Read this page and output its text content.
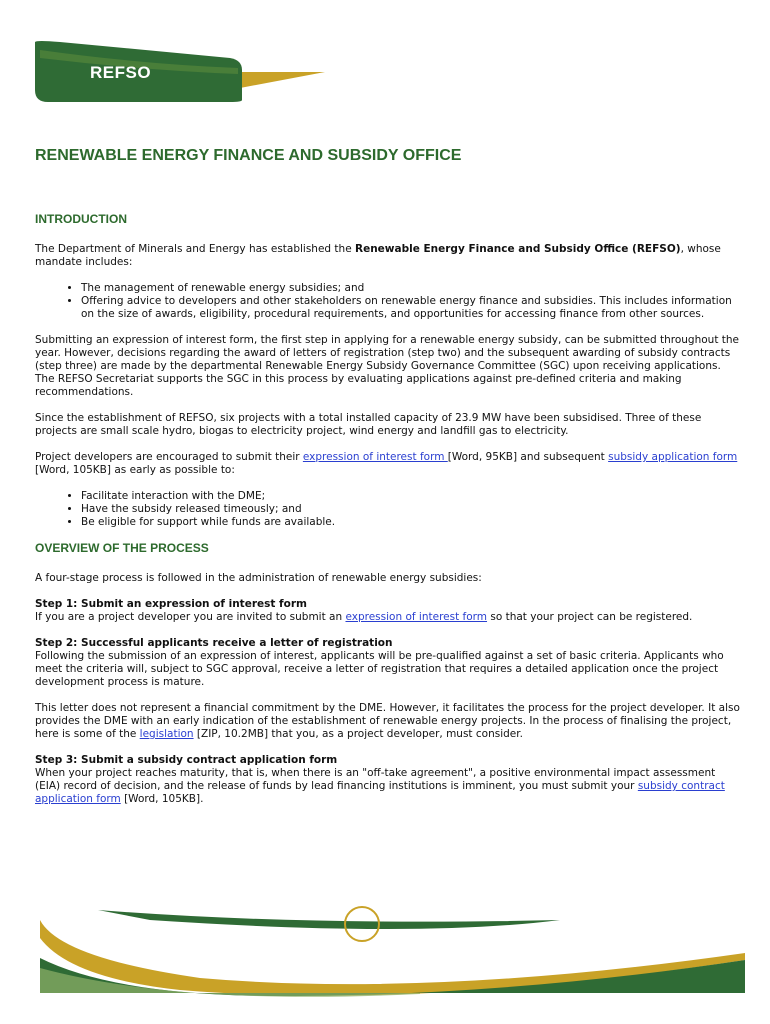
REFSO
RENEWABLE ENERGY FINANCE AND SUBSIDY OFFICE
INTRODUCTION

The Department of Minerals and Energy has established the Renewable Energy Finance and Subsidy Office (REFSO), whose mandate includes:

• The management of renewable energy subsidies; and
• Offering advice to developers and other stakeholders on renewable energy finance and subsidies. This includes information on the size of awards, eligibility, procedural requirements, and opportunities for accessing finance from other sources.

Submitting an expression of interest form, the first step in applying for a renewable energy subsidy, can be submitted throughout the year. However, decisions regarding the award of letters of registration (step two) and the subsequent awarding of subsidy contracts (step three) are made by the departmental Renewable Energy Subsidy Governance Committee (SGC) upon receiving applications. The REFSO Secretariat supports the SGC in this process by evaluating applications against pre-defined criteria and making recommendations.

Since the establishment of REFSO, six projects with a total installed capacity of 23.9 MW have been subsidised. Three of these projects are small scale hydro, biogas to electricity project, wind energy and landfill gas to electricity.

Project developers are encouraged to submit their expression of interest form [Word, 95KB] and subsequent subsidy application form [Word, 105KB] as early as possible to:

• Facilitate interaction with the DME;
• Have the subsidy released timeously; and
• Be eligible for support while funds are available.
OVERVIEW OF THE PROCESS

A four-stage process is followed in the administration of renewable energy subsidies:

Step 1: Submit an expression of interest form
If you are a project developer you are invited to submit an expression of interest form so that your project can be registered.
Step 2: Successful applicants receive a letter of registration
Following the submission of an expression of interest, applicants will be pre-qualified against a set of basic criteria. Applicants who meet the criteria will, subject to SGC approval, receive a letter of registration that requires a detailed application once the project development process is mature.

This letter does not represent a financial commitment by the DME. However, it facilitates the process for the project developer. It also provides the DME with an early indication of the establishment of renewable energy projects. In the process of finalising the project, here is some of the legislation [ZIP, 10.2MB] that you, as a project developer, must consider.

Step 3: Submit a subsidy contract application form
When your project reaches maturity, that is, when there is an "off-take agreement", a positive environmental impact assessment (EIA) record of decision, and the release of funds by lead financing institutions is imminent, you must submit your subsidy contract application form [Word, 105KB].
